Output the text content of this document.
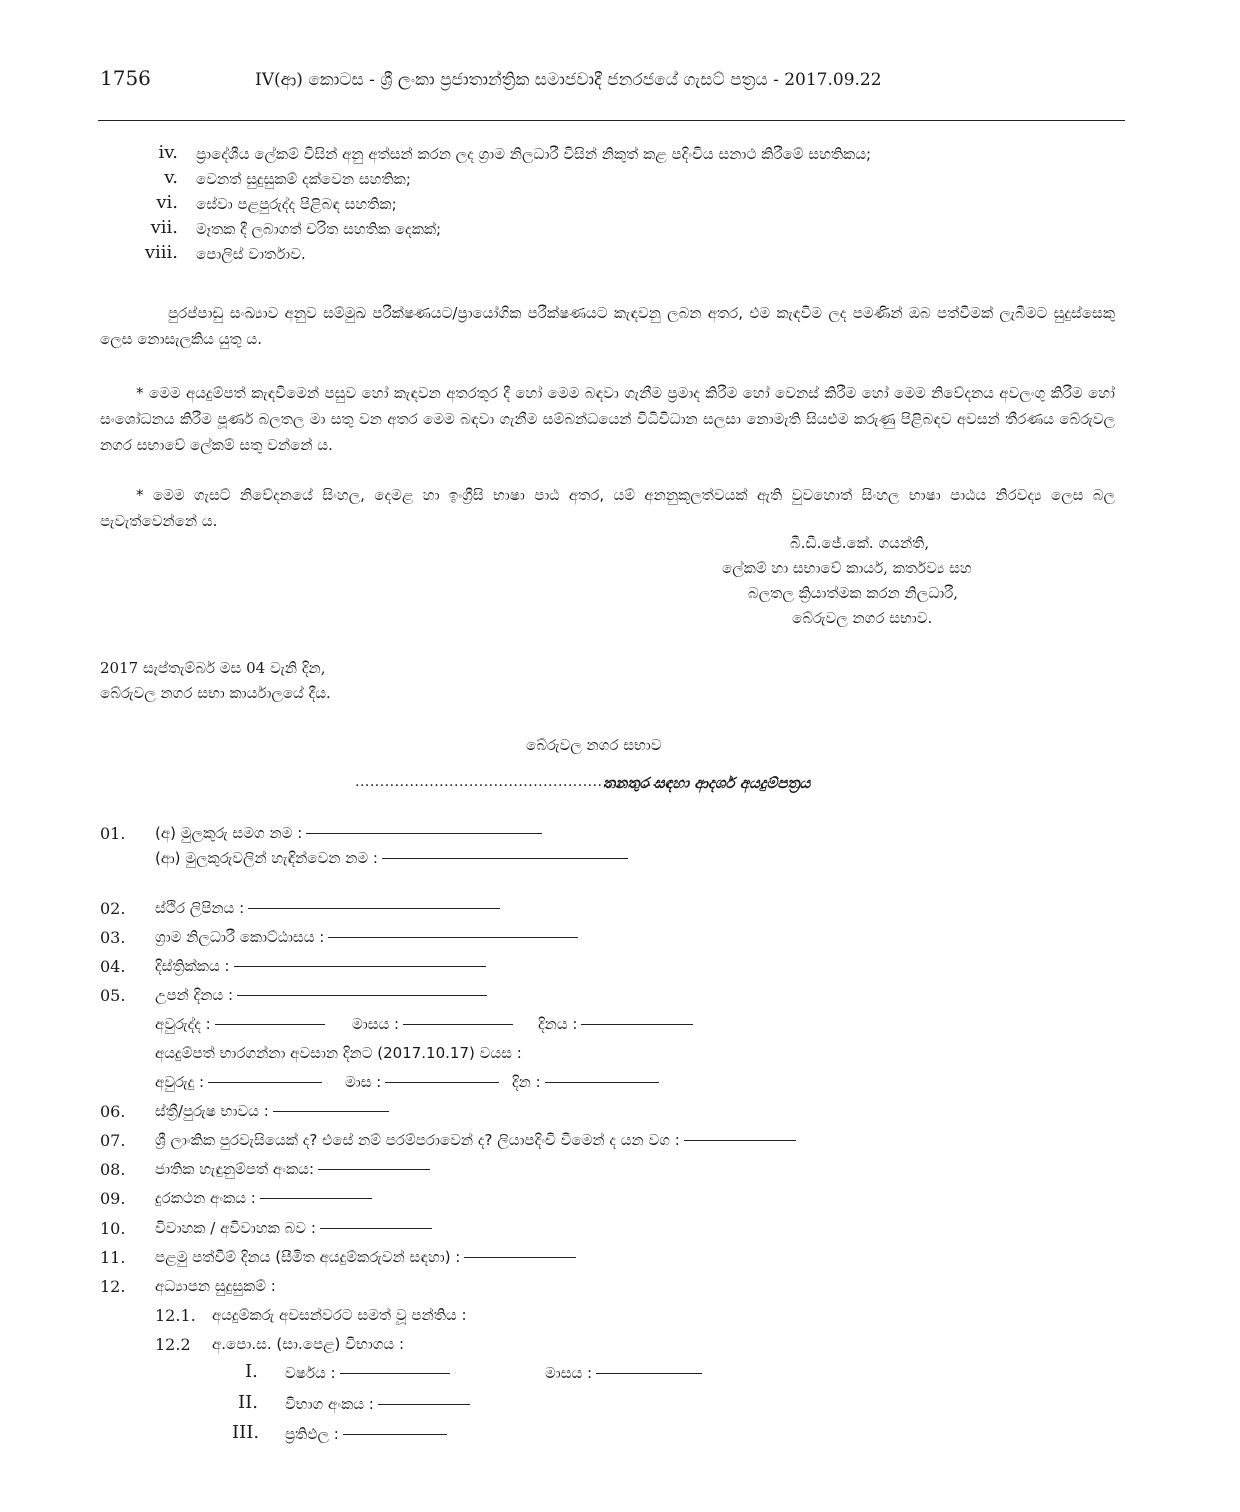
1756	IV(ආ) කොටස - ශ්‍රී ලංකා ප්‍රජාතාන්ත්‍රික සමාජවාදී ජනරජයේ ගැසට් පත්‍රය - 2017.09.22
iv. ප්‍රාදේශීය ලේකම් විසින් අනු අත්සන් කරන ලද ග්‍රාම නිලධාරී විසින් නිකුත් කළ පදිංචිය සනාථ කිරීමේ සහතිකය;
v. වෙනත් සුදුසුකම් දක්වෙන සහතික;
vi. සේවා පළපුරුද්ද පිළිබඳ සහතික;
vii. මෑතක දී ලබාගත් චරිත සහතික දෙකක්;
viii. පොලිස් වාර්තාව.
පුරප්පාඩු සංඛ්‍යාව අනුව සම්මුඛ පරීක්ෂණයට/ප්‍රායෝගික පරීක්ෂණයට කැඳවනු ලබන අතර, එම කැඳවීම ලද පමණින් ඔබ පත්වීමක් ලැබීමට සුදුස්සෙකු ලෙස නොසැලකිය යුතු ය.
* මෙම අයදුම්පත් කැඳවීමෙන් පසුව හෝ කැඳවන අතරතුර දී හෝ මෙම බඳවා ගැනීම ප්‍රමාද කිරීම හෝ වෙනස් කිරීම හෝ මෙම නිවේදනය අවලංගු කිරීම හෝ සංශෝධනය කිරීම පූර්ණ බලතල මා සතු වන අතර මෙම බඳවා ගැනීම සම්බන්ධයෙන් විධිවිධාන සලසා නොමැති සියළුම කරුණු පිළිබඳව අවසන් තීරණය බේරුවල නගර සභාවේ ලේකම් සතු වන්නේ ය.
* මෙම ගැසට් නිවේදනයේ සිංහල, දෙමළ හා ඉංග්‍රීසි භාෂා පාඨ අතර, යම් අනනුකූලත්වයක් ඇති වුවහොත් සිංහල භාෂා පාඨය නිරවද්‍ය ලෙස බල පැවැත්වෙන්නේ ය.
බී.ඩී.ජේ.කේ. ගයන්ති,
ලේකම් හා සභාවේ කාර්ය, කර්තව්‍ය සහ
බලතල ක්‍රියාත්මක කරන නිලධාරී,
බේරුවල නගර සභාව.
2017 සැප්තැම්බර් මස 04 වැනි දින,
බේරුවල නගර සභා කාර්යාලයේ දීය.
බේරුවල නගර සභාව
...............................................................
තනතුර සඳහා ආදර්ශ අයදුම්පත්‍රය
01. (අ) මුලකුරු සමග නම :
(ආ) මුලකුරුවලින් හැඳින්වෙන නම :
02. ස්ථිර ලිපිනය :
03. ග්‍රාම නිලධාරී කොට්ඨාසය :
04. දිස්ත්‍රික්කය :
05. උපන් දිනය :
අවුරුද්ද :	මාසය :	දිනය :
අයදුම්පත් භාරගන්නා අවසාන දිනට (2017.10.17) වයස :
අවුරුදු :	මාස :	දින :
06. ස්ත්‍රී/පුරුෂ භාවය :
07. ශ්‍රී ලාංකික පුරවැසියෙක් ද? එසේ නම් පරම්පරාවෙන් ද? ලියාපදිංචි වීමෙන් ද යන වග :
08. ජාතික හැඳුනුම්පත් අංකය:
09. දුරකථන අංකය :
10. විවාහක / අවිවාහක බව :
11. පළමු පත්වීම් දිනය (සීමිත අයදුම්කරුවන් සඳහා) :
12. අධ්‍යාපන සුදුසුකම් :
12.1. අයදුම්කරු අවසන්වරට සමත් වූ පන්තිය :
12.2 අ.පො.ස. (සා.පෙළ) විභාගය :
I. වර්ෂය :	මාසය :
II. විභාග අංකය :
III. ප්‍රතිඵල :
